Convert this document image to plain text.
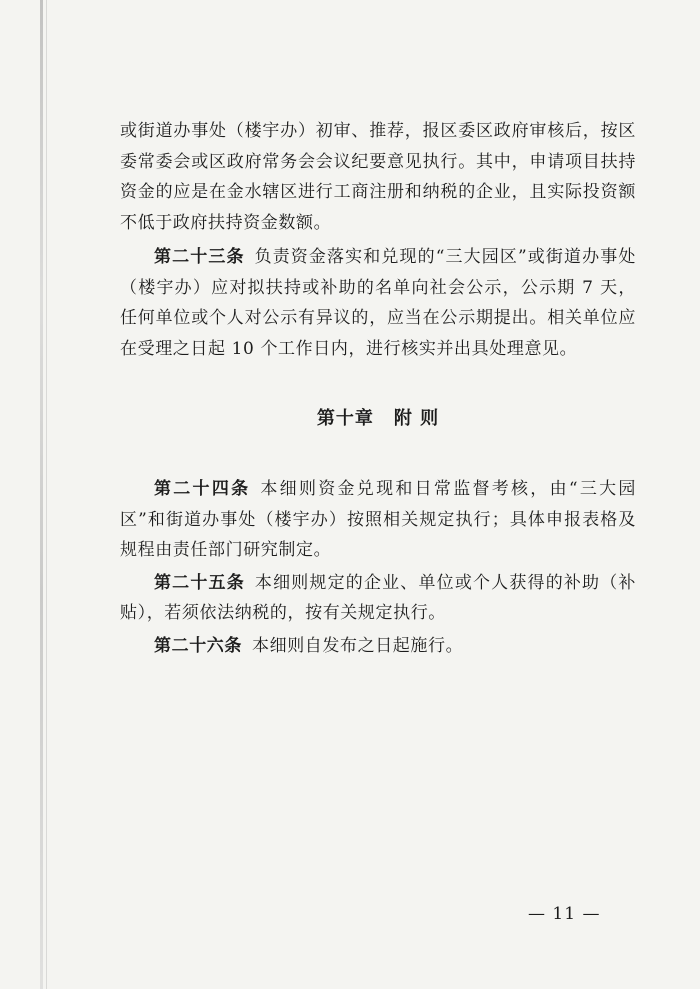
或街道办事处（楼宇办）初审、推荐，报区委区政府审核后，按区委常委会或区政府常务会会议纪要意见执行。其中，申请项目扶持资金的应是在金水辖区进行工商注册和纳税的企业，且实际投资额不低于政府扶持资金数额。

第二十三条 负责资金落实和兑现的“三大园区”或街道办事处（楼宇办）应对拟扶持或补助的名单向社会公示，公示期 7 天，任何单位或个人对公示有异议的，应当在公示期提出。相关单位应在受理之日起 10 个工作日内，进行核实并出具处理意见。

第十章 附 则

第二十四条 本细则资金兑现和日常监督考核，由“三大园区”和街道办事处（楼宇办）按照相关规定执行；具体申报表格及规程由责任部门研究制定。

第二十五条 本细则规定的企业、单位或个人获得的补助（补贴），若须依法纳税的，按有关规定执行。

第二十六条 本细则自发布之日起施行。

— 11 —
